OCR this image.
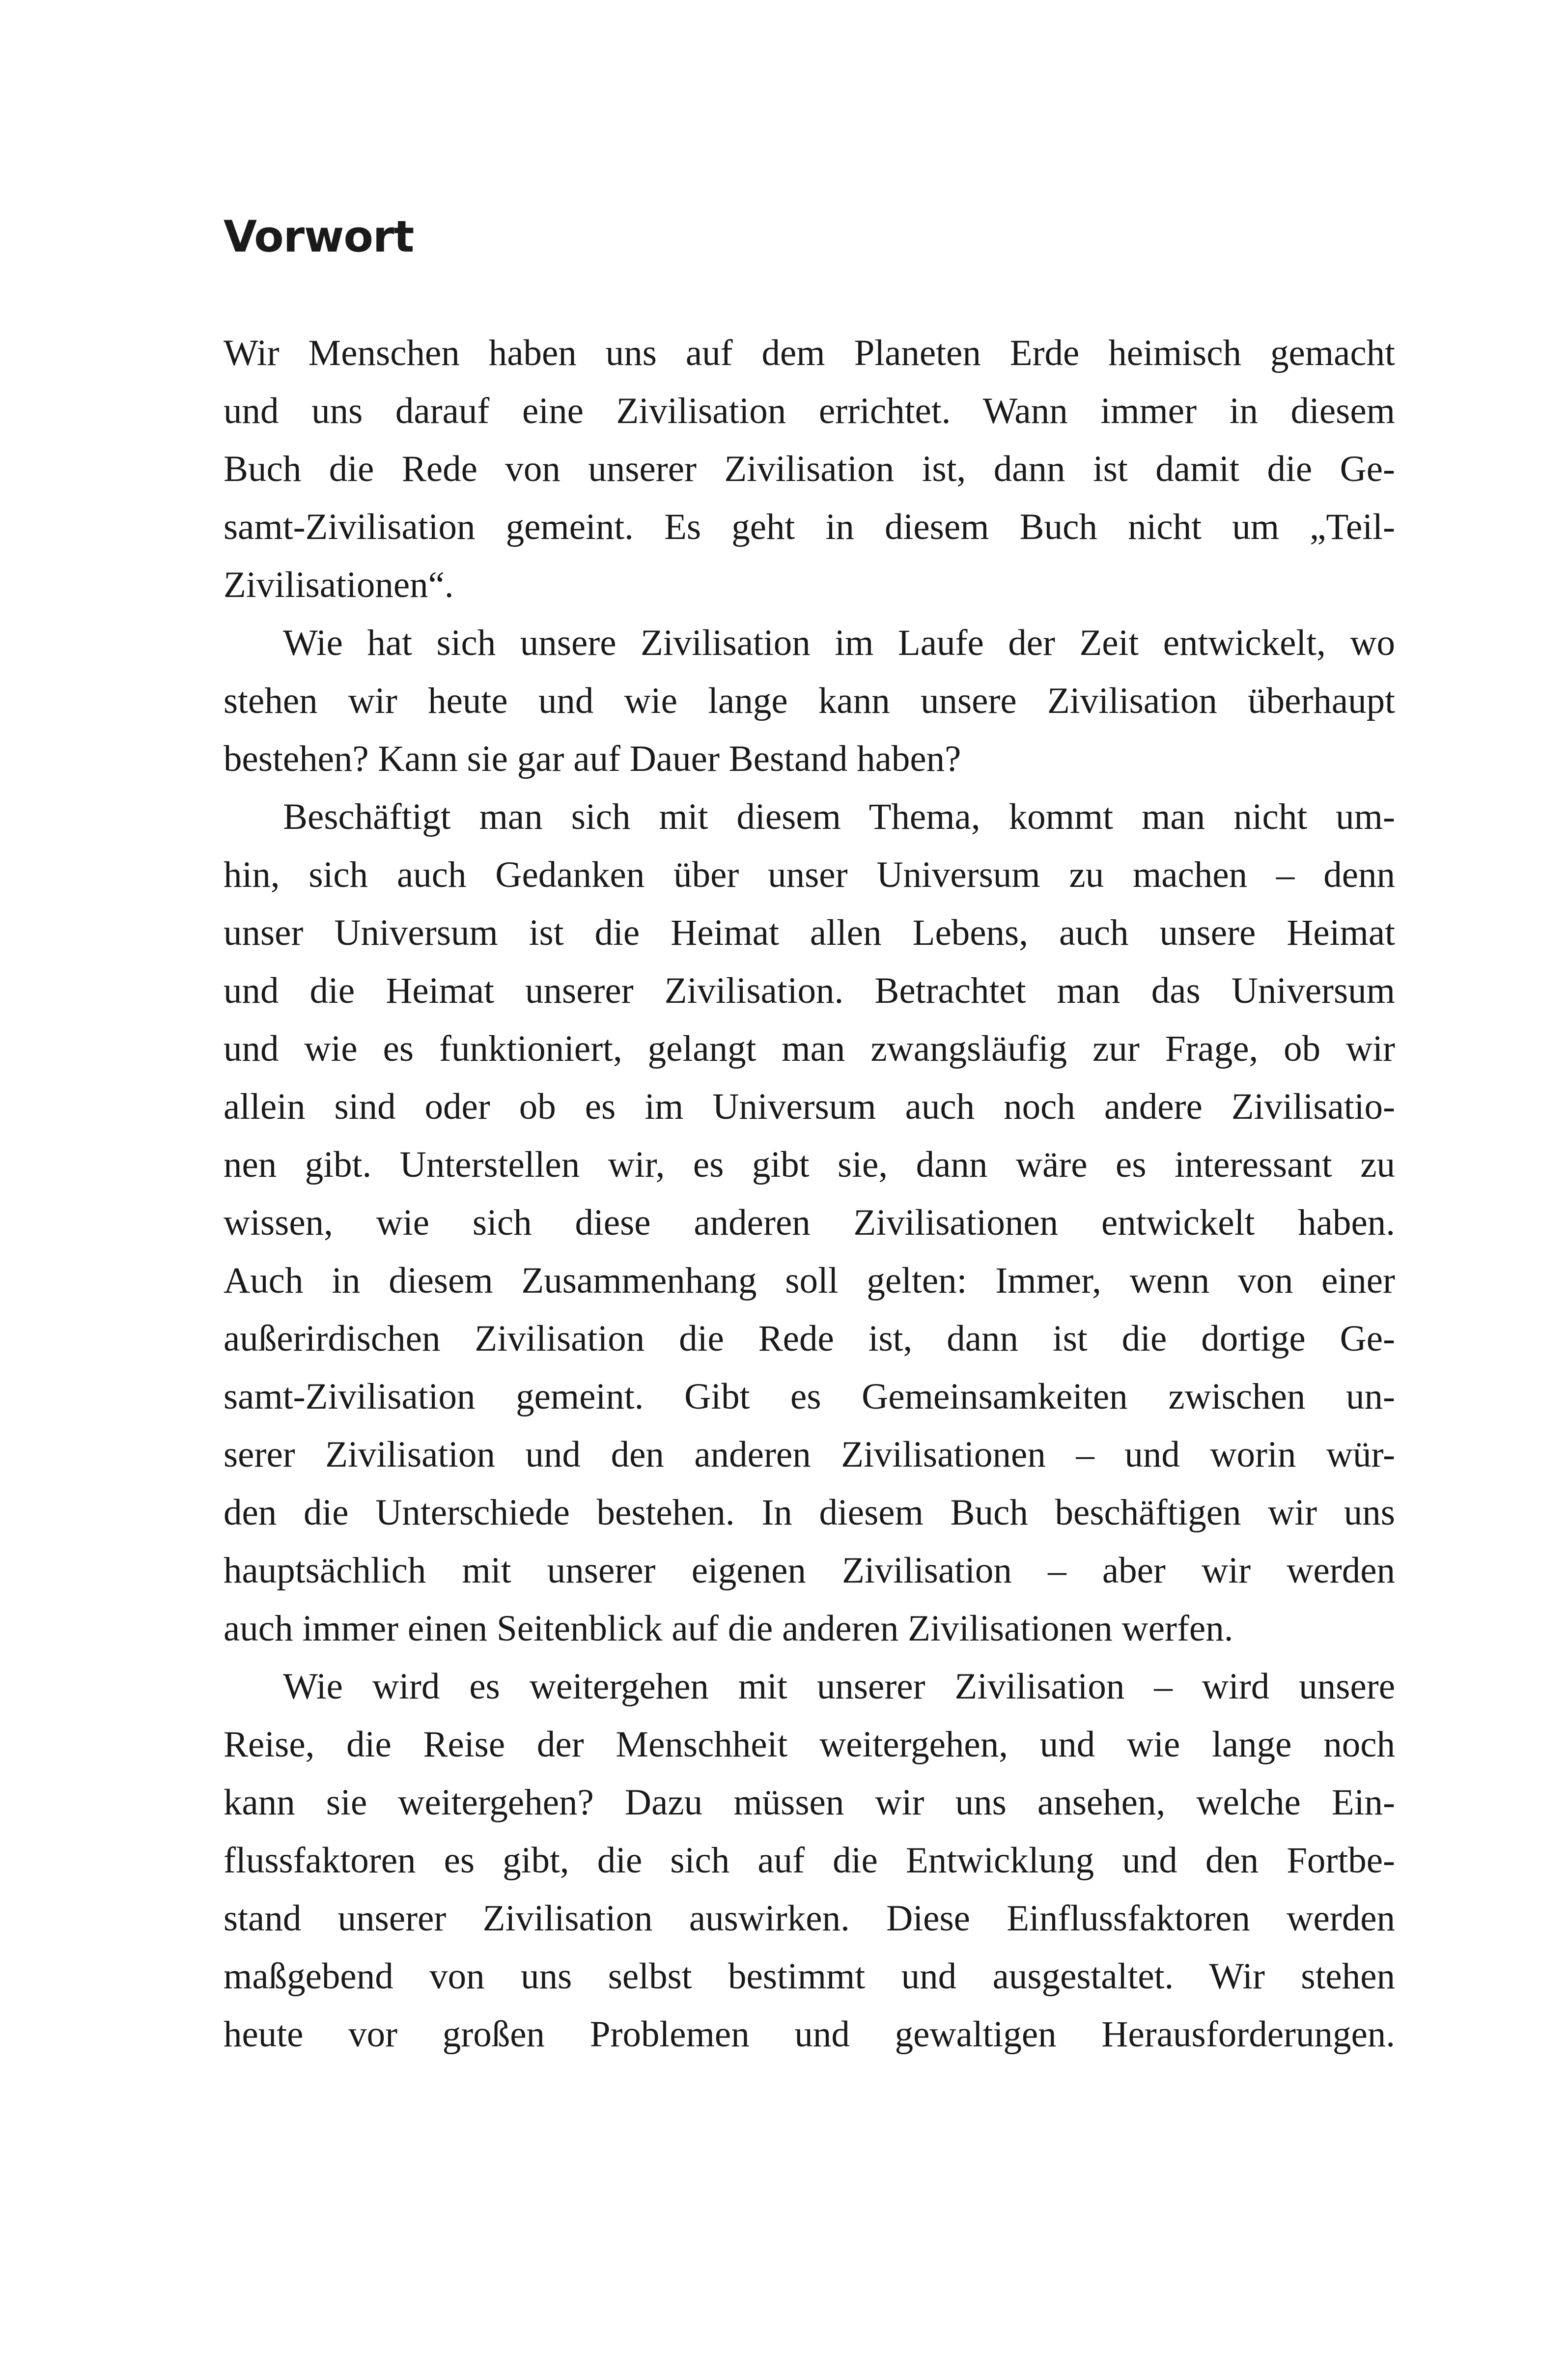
Vorwort
Wir Menschen haben uns auf dem Planeten Erde heimisch gemacht
und uns darauf eine Zivilisation errichtet. Wann immer in diesem
Buch die Rede von unserer Zivilisation ist, dann ist damit die Ge-
samt-Zivilisation gemeint. Es geht in diesem Buch nicht um „Teil-
Zivilisationen“.
Wie hat sich unsere Zivilisation im Laufe der Zeit entwickelt, wo
stehen wir heute und wie lange kann unsere Zivilisation überhaupt
bestehen? Kann sie gar auf Dauer Bestand haben?
Beschäftigt man sich mit diesem Thema, kommt man nicht um-
hin, sich auch Gedanken über unser Universum zu machen – denn
unser Universum ist die Heimat allen Lebens, auch unsere Heimat
und die Heimat unserer Zivilisation. Betrachtet man das Universum
und wie es funktioniert, gelangt man zwangsläufig zur Frage, ob wir
allein sind oder ob es im Universum auch noch andere Zivilisatio-
nen gibt. Unterstellen wir, es gibt sie, dann wäre es interessant zu
wissen, wie sich diese anderen Zivilisationen entwickelt haben.
Auch in diesem Zusammenhang soll gelten: Immer, wenn von einer
außerirdischen Zivilisation die Rede ist, dann ist die dortige Ge-
samt-Zivilisation gemeint. Gibt es Gemeinsamkeiten zwischen un-
serer Zivilisation und den anderen Zivilisationen – und worin wür-
den die Unterschiede bestehen. In diesem Buch beschäftigen wir uns
hauptsächlich mit unserer eigenen Zivilisation – aber wir werden
auch immer einen Seitenblick auf die anderen Zivilisationen werfen.
Wie wird es weitergehen mit unserer Zivilisation – wird unsere
Reise, die Reise der Menschheit weitergehen, und wie lange noch
kann sie weitergehen? Dazu müssen wir uns ansehen, welche Ein-
flussfaktoren es gibt, die sich auf die Entwicklung und den Fortbe-
stand unserer Zivilisation auswirken. Diese Einflussfaktoren werden
maßgebend von uns selbst bestimmt und ausgestaltet. Wir stehen
heute vor großen Problemen und gewaltigen Herausforderungen.
